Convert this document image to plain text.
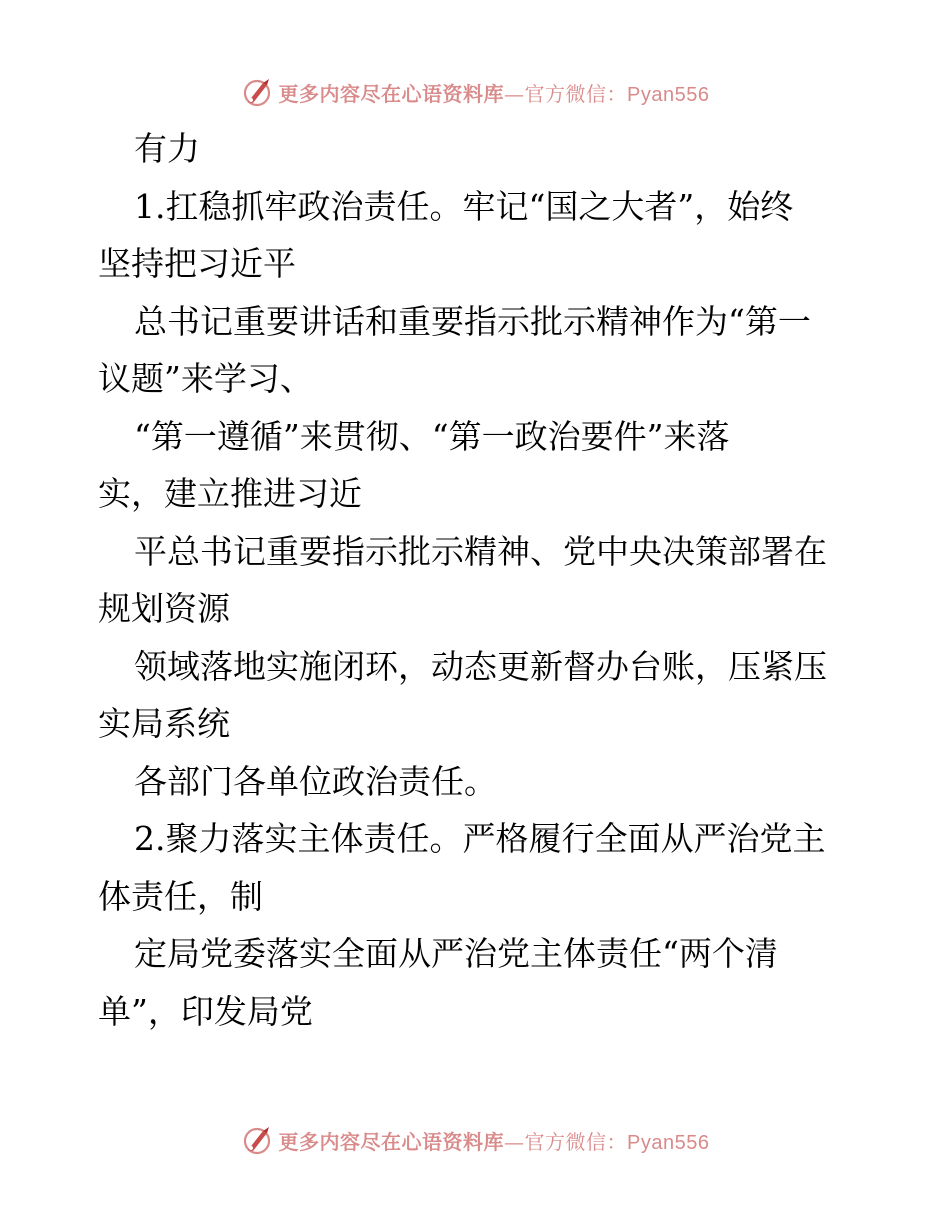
更多内容尽在心语资料库—官方微信：Pyan556
有力
1.扛稳抓牢政治责任。牢记“国之大者”，始终
坚持把习近平
总书记重要讲话和重要指示批示精神作为“第一
议题”来学习、
“第一遵循”来贯彻、“第一政治要件”来落
实，建立推进习近
平总书记重要指示批示精神、党中央决策部署在
规划资源
领域落地实施闭环，动态更新督办台账，压紧压
实局系统
各部门各单位政治责任。
2.聚力落实主体责任。严格履行全面从严治党主
体责任，制
定局党委落实全面从严治党主体责任“两个清
单”，印发局党
更多内容尽在心语资料库—官方微信：Pyan556
